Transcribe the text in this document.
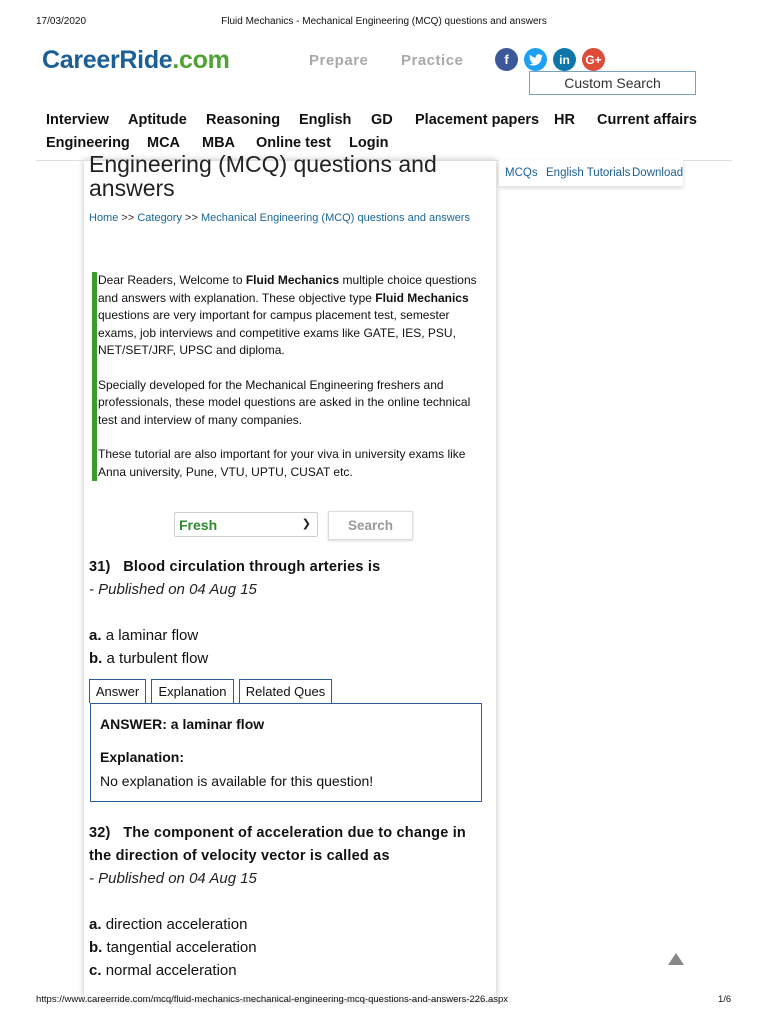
17/03/2020	Fluid Mechanics - Mechanical Engineering (MCQ) questions and answers
CareerRide.com	Prepare Practice	f	in	G+
Custom Search
Interview Aptitude Reasoning English GD Placement papers HR Current affairs
Engineering MCA MBA Online test Login
Engineering (MCQ) questions and answers
Home >> Category >> Mechanical Engineering (MCQ) questions and answers

Dear Readers, Welcome to Fluid Mechanics multiple choice questions and answers with explanation. These objective type Fluid Mechanics questions are very important for campus placement test, semester exams, job interviews and competitive exams like GATE, IES, PSU, NET/SET/JRF, UPSC and diploma.

Specially developed for the Mechanical Engineering freshers and professionals, these model questions are asked in the online technical test and interview of many companies.

These tutorial are also important for your viva in university exams like Anna university, Pune, VTU, UPTU, CUSAT etc.

Fresh	❯	Search
31) Blood circulation through arteries is
- Published on 04 Aug 15
a. a laminar flow
b. a turbulent flow
Answer	Explanation	Related Ques
ANSWER: a laminar flow
Explanation:
No explanation is available for this question!
32) The component of acceleration due to change in
the direction of velocity vector is called as
- Published on 04 Aug 15
a. direction acceleration
b. tangential acceleration
c. normal acceleration
MCQs English Tutorials Download
https://www.careerride.com/mcq/fluid-mechanics-mechanical-engineering-mcq-questions-and-answers-226.aspx	1/6
